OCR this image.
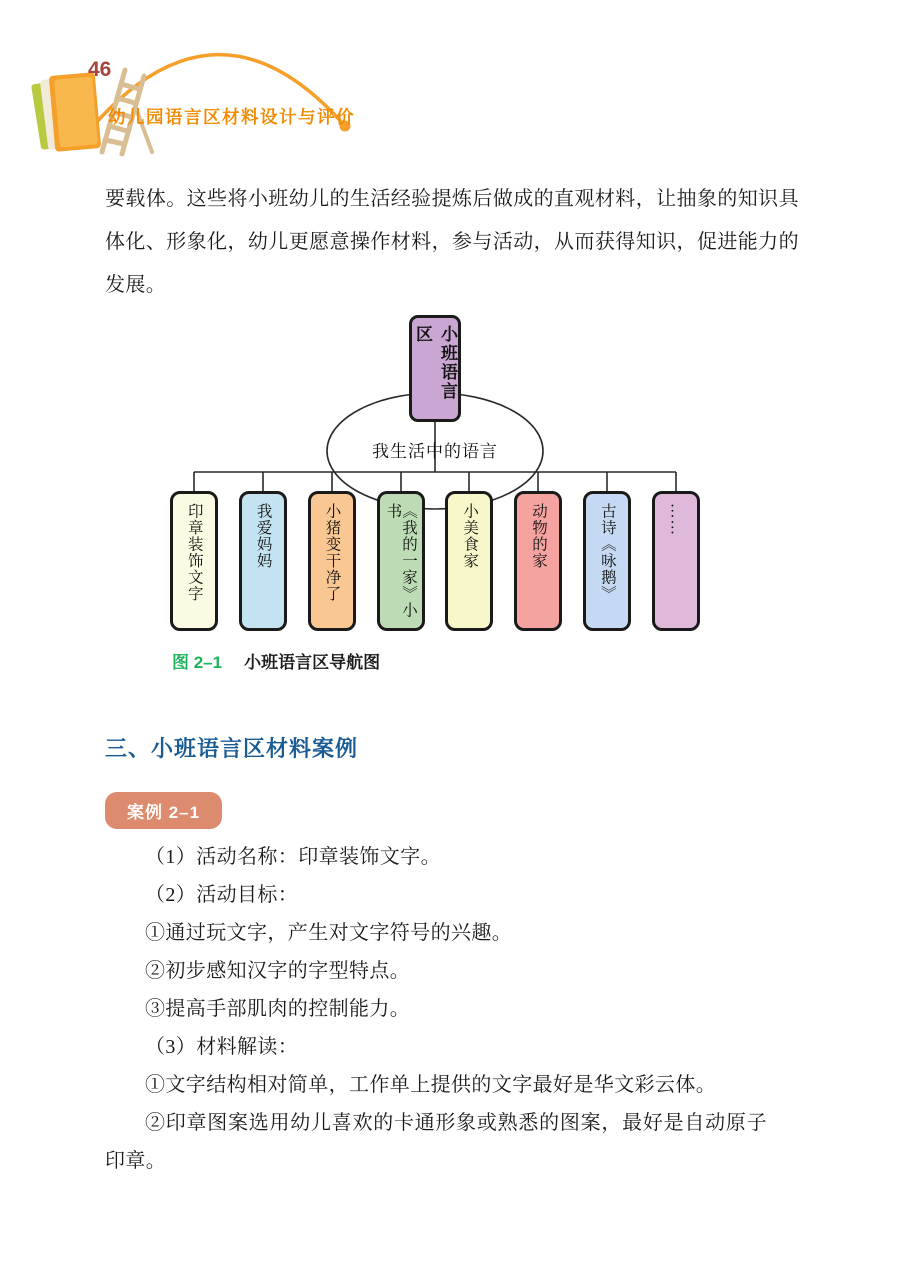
46
幼儿园语言区材料设计与评价
要载体。这些将小班幼儿的生活经验提炼后做成的直观材料，让抽象的知识具体化、形象化，幼儿更愿意操作材料，参与活动，从而获得知识，促进能力的发展。
小班语言区
我生活中的语言
印章装饰文字	我爱妈妈	小猪变干净了	《我的一家》小书	小美食家	动物的家	古诗《咏鹅》	……
图 2–1 小班语言区导航图
三、小班语言区材料案例
案例 2–1

（1）活动名称：印章装饰文字。

（2）活动目标：

①通过玩文字，产生对文字符号的兴趣。

②初步感知汉字的字型特点。

③提高手部肌肉的控制能力。

（3）材料解读：

①文字结构相对简单，工作单上提供的文字最好是华文彩云体。

②印章图案选用幼儿喜欢的卡通形象或熟悉的图案，最好是自动原子印章。
